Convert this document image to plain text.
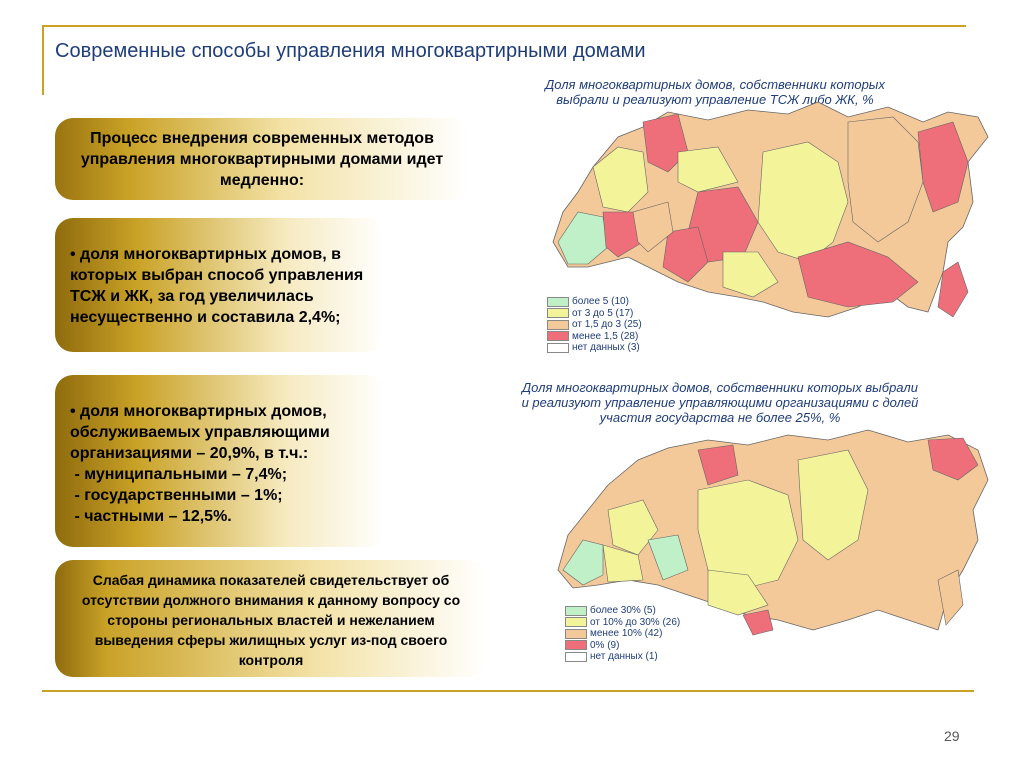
Современные способы управления многоквартирными домами
Процесс внедрения современных методов управления многоквартирными домами идет медленно:
• доля многоквартирных домов, в
которых выбран способ управления
ТСЖ и ЖК, за год увеличилась
несущественно и составила 2,4%;
• доля многоквартирных домов,
обслуживаемых управляющими
организациями – 20,9%, в т.ч.:
- муниципальными – 7,4%;
- государственными – 1%;
- частными – 12,5%.
Слабая динамика показателей свидетельствует об отсутствии должного внимания к данному вопросу со стороны региональных властей и нежеланием выведения сферы жилищных услуг из-под своего контроля
Доля многоквартирных домов, собственники которых
выбрали и реализуют управление ТСЖ либо ЖК, %
более 5 (10)
от 3 до 5 (17)
от 1,5 до 3 (25)
менее 1,5 (28)
нет данных (3)
Доля многоквартирных домов, собственники которых выбрали
и реализуют управление управляющими организациями с долей
участия государства не более 25%, %
более 30% (5)
от 10% до 30% (26)
менее 10% (42)
0% (9)
нет данных (1)
29
